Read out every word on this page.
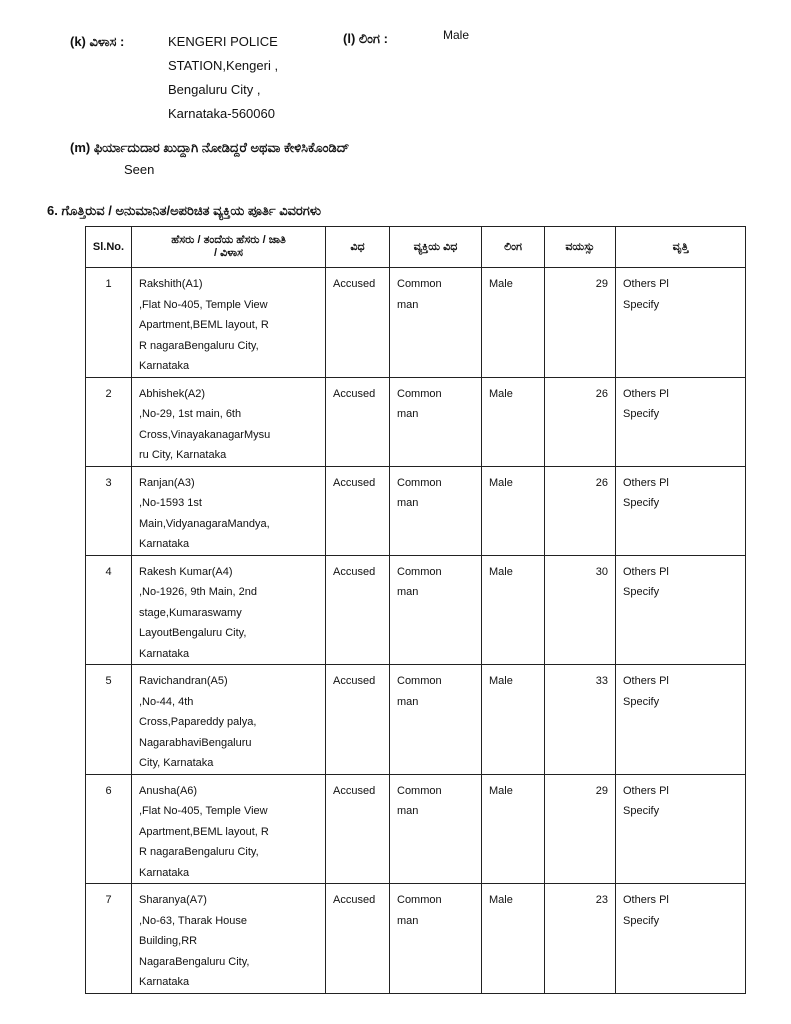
(k) ವಿಳಾಸ :	KENGERI POLICE
STATION,Kengeri ,
Bengaluru City ,
Karnataka-560060
(l) ಲಿಂಗ :	Male
(m) ಫಿರ್ಯಾದುದಾರ ಖುದ್ದಾಗಿ ನೋಡಿದ್ದರೆ ಅಥವಾ ಕೇಳಿಸಿಕೊಂಡಿದ್
Seen
6. ಗೊತ್ತಿರುವ / ಅನುಮಾನಿತ/ಅಪರಿಚಿತ ವ್ಯಕ್ತಿಯ ಪೂರ್ತಿ ವಿವರಗಳು
Sl.No.	ಹೆಸರು / ತಂದೆಯ ಹೆಸರು / ಜಾತಿ
/ ವಿಳಾಸ	ವಿಧ	ವ್ಯಕ್ತಿಯ ವಿಧ	ಲಿಂಗ	ವಯಸ್ಸು	ವೃತ್ತಿ
1	Rakshith(A1)
,Flat No-405, Temple View
Apartment,BEML layout, R
R nagaraBengaluru City,
Karnataka	Accused	Common
man	Male	29	Others Pl
Specify

2	Abhishek(A2)
,No-29, 1st main, 6th
Cross,VinayakanagarMysu
ru City, Karnataka	Accused	Common
man	Male	26	Others Pl
Specify

3	Ranjan(A3)
,No-1593 1st
Main,VidyanagaraMandya,
Karnataka	Accused	Common
man	Male	26	Others Pl
Specify

4	Rakesh Kumar(A4)
,No-1926, 9th Main, 2nd
stage,Kumaraswamy
LayoutBengaluru City,
Karnataka	Accused	Common
man	Male	30	Others Pl
Specify

5	Ravichandran(A5)
,No-44, 4th
Cross,Papareddy palya,
NagarabhaviBengaluru
City, Karnataka	Accused	Common
man	Male	33	Others Pl
Specify

6	Anusha(A6)
,Flat No-405, Temple View
Apartment,BEML layout, R
R nagaraBengaluru City,
Karnataka	Accused	Common
man	Male	29	Others Pl
Specify

7	Sharanya(A7)
,No-63, Tharak House
Building,RR
NagaraBengaluru City,
Karnataka	Accused	Common
man	Male	23	Others Pl
Specify
